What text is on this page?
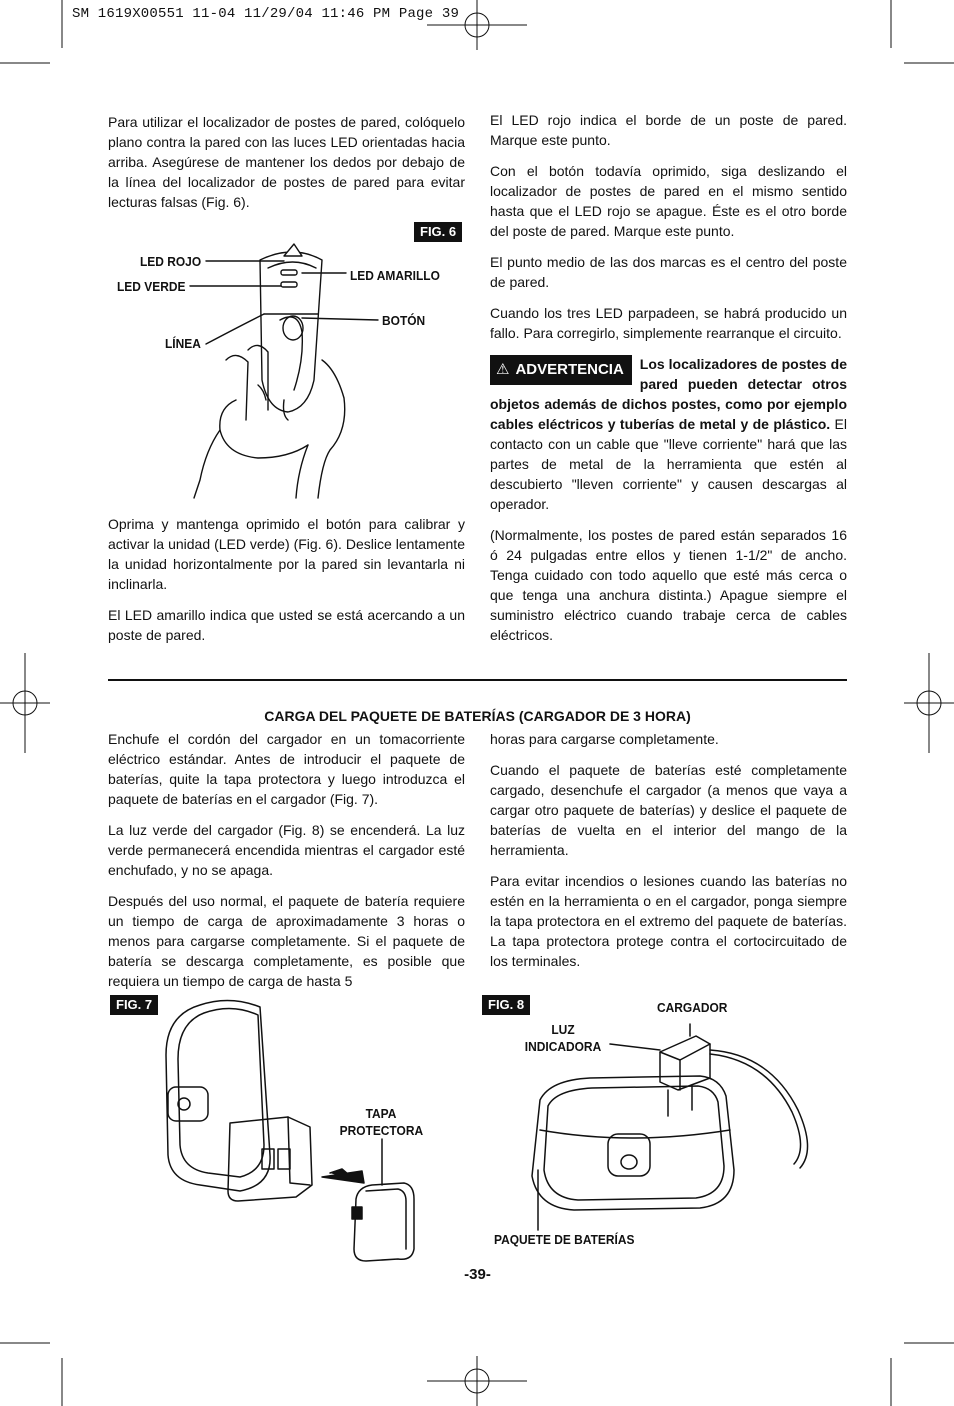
SM 1619X00551 11-04 11/29/04 11:46 PM Page 39

Para utilizar el localizador de postes de pared, colóquelo plano contra la pared con las luces LED orientadas hacia arriba. Asegúrese de mantener los dedos por debajo de la línea del localizador de postes de pared para evitar lecturas falsas (Fig. 6).

FIG. 6
LED ROJO
LED VERDE
LED AMARILLO
BOTÓN
LÍNEA

Oprima y mantenga oprimido el botón para calibrar y activar la unidad (LED verde) (Fig. 6). Deslice lentamente la unidad horizontalmente por la pared sin levantarla ni inclinarla.

El LED amarillo indica que usted se está acercando a un poste de pared.

El LED rojo indica el borde de un poste de pared. Marque este punto.

Con el botón todavía oprimido, siga deslizando el localizador de postes de pared en el mismo sentido hasta que el LED rojo se apague. Éste es el otro borde del poste de pared. Marque este punto.

El punto medio de las dos marcas es el centro del poste de pared.

Cuando los tres LED parpadeen, se habrá producido un fallo. Para corregirlo, simplemente rearranque el circuito.

⚠ ADVERTENCIA	Los localizadores de postes de pared pueden detectar otros objetos además de dichos postes, como por ejemplo cables eléctricos y tuberías de metal y de plástico. El contacto con un cable que "lleve corriente" hará que las partes de metal de la herramienta que estén al descubierto "lleven corriente" y causen descargas al operador.

(Normalmente, los postes de pared están separados 16 ó 24 pulgadas entre ellos y tienen 1-1/2" de ancho. Tenga cuidado con todo aquello que esté más cerca o que tenga una anchura distinta.) Apague siempre el suministro eléctrico cuando trabaje cerca de cables eléctricos.

CARGA DEL PAQUETE DE BATERÍAS (CARGADOR DE 3 HORA)

Enchufe el cordón del cargador en un tomacorriente eléctrico estándar. Antes de introducir el paquete de baterías, quite la tapa protectora y luego introduzca el paquete de baterías en el cargador (Fig. 7).

La luz verde del cargador (Fig. 8) se encenderá. La luz verde permanecerá encendida mientras el cargador esté enchufado, y no se apaga.

Después del uso normal, el paquete de batería requiere un tiempo de carga de aproximadamente 3 horas o menos para cargarse completamente. Si el paquete de batería se descarga completamente, es posible que requiera un tiempo de carga de hasta 5

horas para cargarse completamente.

Cuando el paquete de baterías esté completamente cargado, desenchufe el cargador (a menos que vaya a cargar otro paquete de baterías) y deslice el paquete de baterías de vuelta en el interior del mango de la herramienta.

Para evitar incendios o lesiones cuando las baterías no estén en la herramienta o en el cargador, ponga siempre la tapa protectora en el extremo del paquete de baterías. La tapa protectora protege contra el cortocircuitado de los terminales.

FIG. 7
TAPA
PROTECTORA
FIG. 8	CARGADOR
LUZ
INDICADORA
PAQUETE DE BATERÍAS
-39-
